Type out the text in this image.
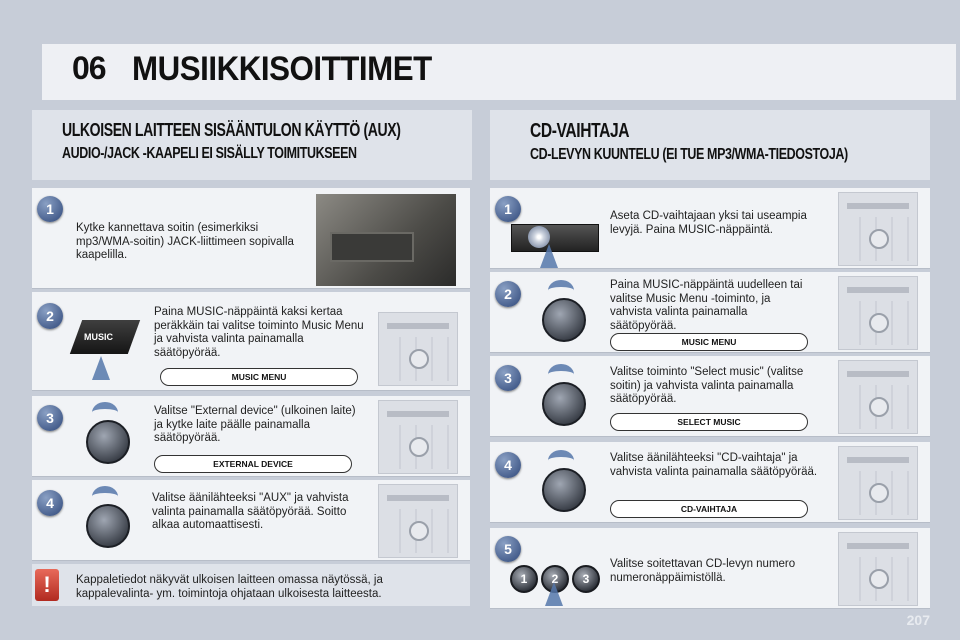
06 MUSIIKKISOITTIMET
ULKOISEN LAITTEEN SISÄÄNTULON KÄYTTÖ (AUX)
AUDIO-/JACK -KAAPELI EI SISÄLLY TOIMITUKSEEN
CD-VAIHTAJA
CD-LEVYN KUUNTELU (EI TUE MP3/WMA-TIEDOSTOJA)
1
Kytke kannettava soitin (esimerkiksi mp3/WMA-soitin) JACK-liittimeen sopivalla kaapelilla.
2
MUSIC
Paina MUSIC-näppäintä kaksi kertaa peräkkäin tai valitse toiminto Music Menu ja vahvista valinta painamalla säätöpyörää.
MUSIC MENU
3	Valitse "External device" (ulkoinen laite) ja kytke laite päälle painamalla säätöpyörää.
EXTERNAL DEVICE
4	Valitse äänilähteeksi "AUX" ja vahvista valinta painamalla säätöpyörää. Soitto alkaa automaattisesti.
!	Kappaletiedot näkyvät ulkoisen laitteen omassa näytössä, ja kappalevalinta- ym. toimintoja ohjataan ulkoisesta laitteesta.
1	Aseta CD-vaihtajaan yksi tai useampia levyjä. Paina MUSIC-näppäintä.
2
Paina MUSIC-näppäintä uudelleen tai valitse Music Menu -toiminto, ja vahvista valinta painamalla säätöpyörää.
MUSIC MENU
3	Valitse toiminto "Select music" (valitse soitin) ja vahvista valinta painamalla säätöpyörää.
SELECT MUSIC
4	Valitse äänilähteeksi "CD-vaihtaja" ja vahvista valinta painamalla säätöpyörää.
CD-VAIHTAJA
5
1	2	3
Valitse soitettavan CD-levyn numero numeronäppäimistöllä.
207
